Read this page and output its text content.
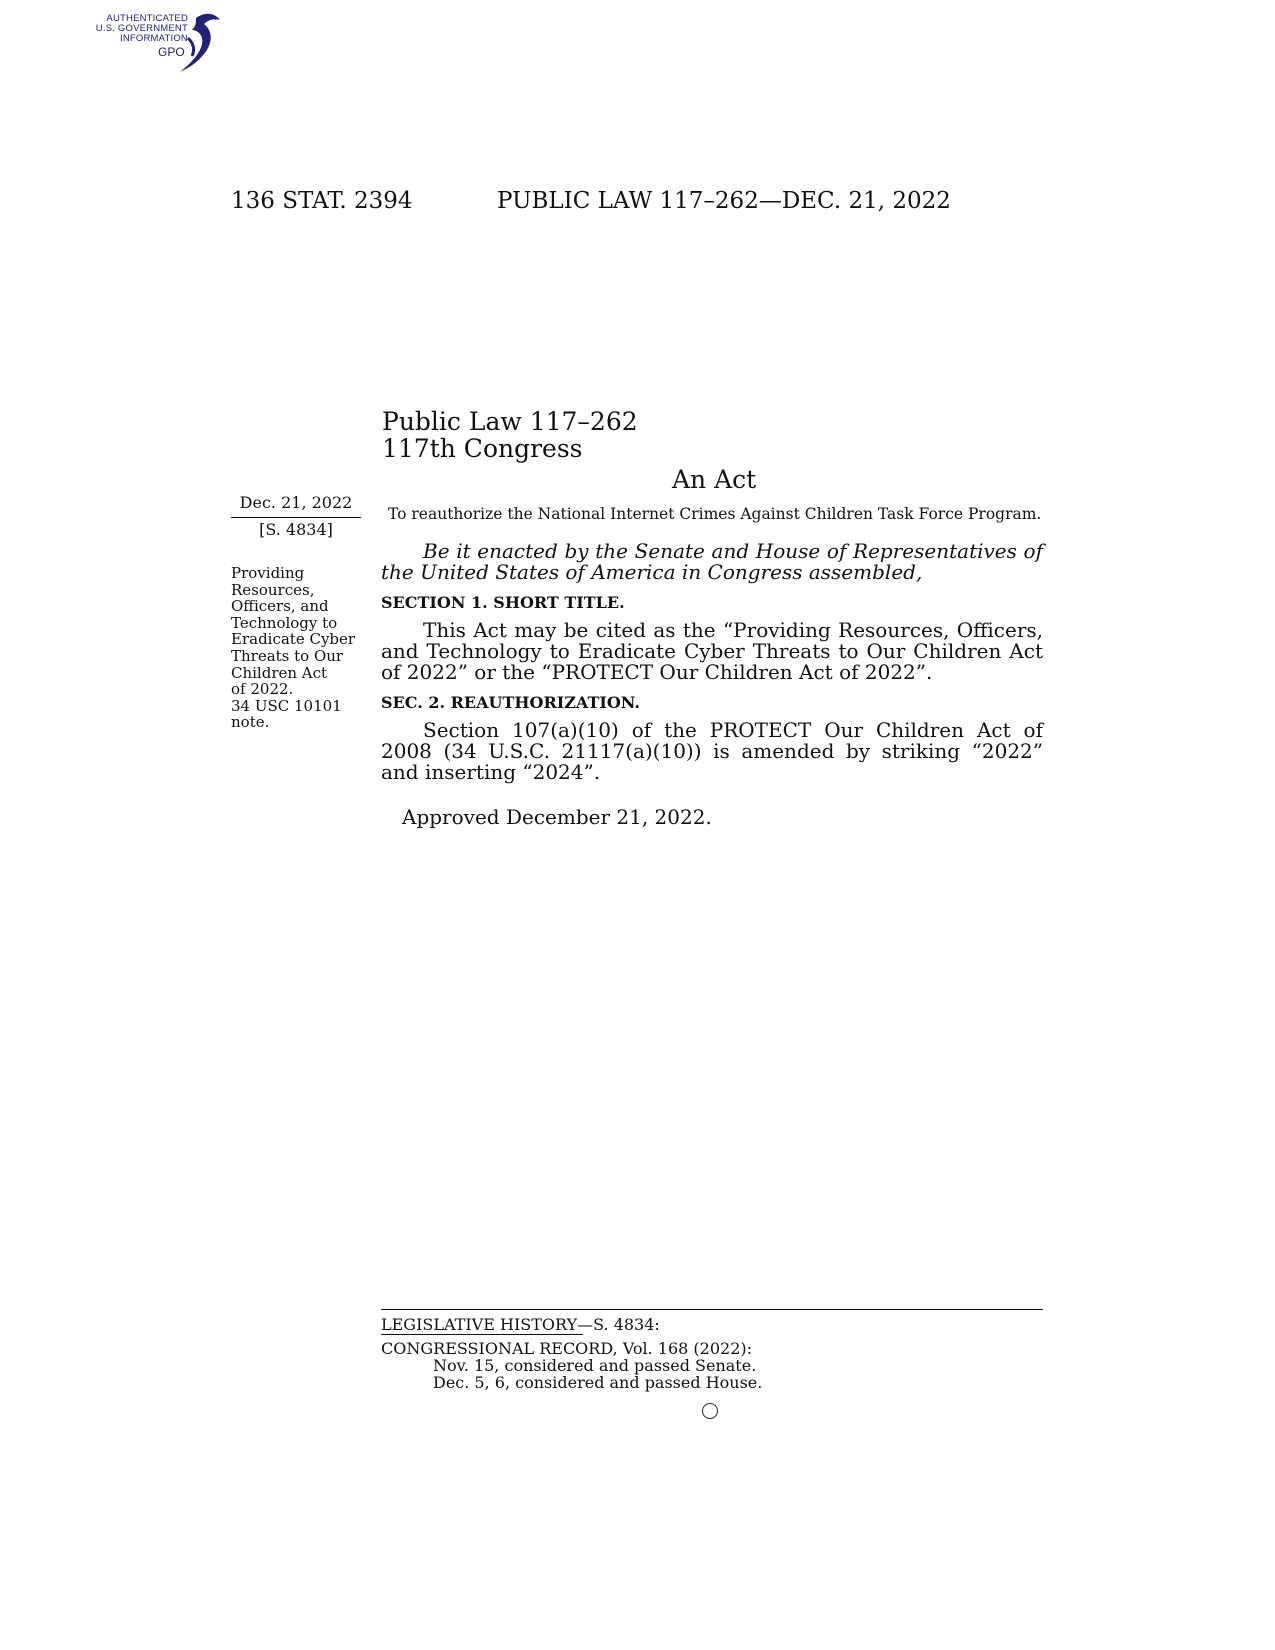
AUTHENTICATED
U.S. GOVERNMENT
INFORMATION
GPO
136 STAT. 2394	PUBLIC LAW 117–262—DEC. 21, 2022
Public Law 117–262
117th Congress
An Act
Dec. 21, 2022
[S. 4834]
Providing
Resources,
Officers, and
Technology to
Eradicate Cyber
Threats to Our
Children Act
of 2022.
34 USC 10101
note.
To reauthorize the National Internet Crimes Against Children Task Force Program.
Be it enacted by the Senate and House of Representatives of the United States of America in Congress assembled,
SECTION 1. SHORT TITLE.
This Act may be cited as the “Providing Resources, Officers, and Technology to Eradicate Cyber Threats to Our Children Act of 2022” or the “PROTECT Our Children Act of 2022”.
SEC. 2. REAUTHORIZATION.
Section 107(a)(10) of the PROTECT Our Children Act of 2008 (34 U.S.C. 21117(a)(10)) is amended by striking “2022” and inserting “2024”.
Approved December 21, 2022.
LEGISLATIVE HISTORY—S. 4834:
CONGRESSIONAL RECORD, Vol. 168 (2022):
Nov. 15, considered and passed Senate.
Dec. 5, 6, considered and passed House.
